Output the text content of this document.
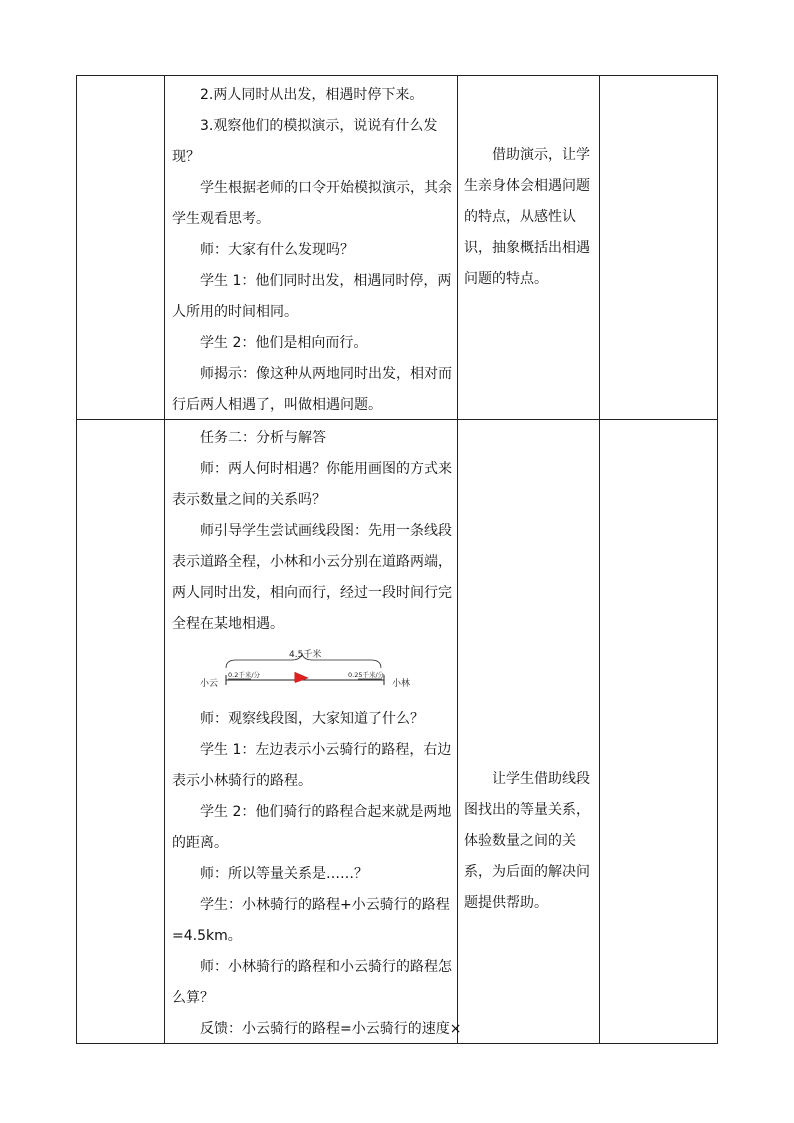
2.两人同时从出发，相遇时停下来。
3.观察他们的模拟演示，说说有什么发
现？
学生根据老师的口令开始模拟演示，其余
学生观看思考。
师：大家有什么发现吗？
学生 1：他们同时出发，相遇同时停，两
人所用的时间相同。
学生 2：他们是相向而行。
师揭示：像这种从两地同时出发，相对而
行后两人相遇了，叫做相遇问题。

借助演示，让学生亲身体会相遇问题的特点，从感性认识，抽象概括出相遇问题的特点。

任务二：分析与解答
师：两人何时相遇？你能用画图的方式来
表示数量之间的关系吗？
师引导学生尝试画线段图：先用一条线段
表示道路全程，小林和小云分别在道路两端，
两人同时出发，相向而行，经过一段时间行完
全程在某地相遇。
4.5千米
0.2千米/分	0.25千米/分
小云	小林
师：观察线段图，大家知道了什么？
学生 1：左边表示小云骑行的路程，右边
表示小林骑行的路程。
学生 2：他们骑行的路程合起来就是两地
的距离。
师：所以等量关系是……？
学生：小林骑行的路程+小云骑行的路程
=4.5km。
师：小林骑行的路程和小云骑行的路程怎
么算？
反馈：小云骑行的路程=小云骑行的速度×

让学生借助线段图找出的等量关系，体验数量之间的关系，为后面的解决问题提供帮助。
